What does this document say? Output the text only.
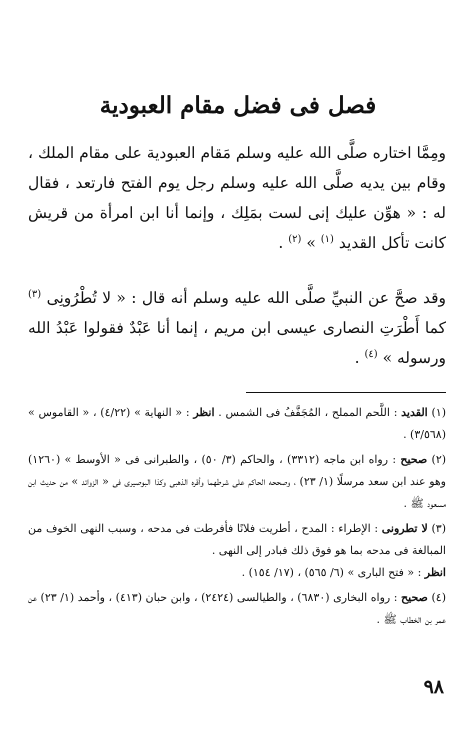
فصل فى فضل مقام العبودية

ومِمَّا اختاره صلَّى الله عليه وسلم مَقام العبودية على مقام الملك ، وقام بين يديه صلَّى الله عليه وسلم رجل يوم الفتح فارتعد ، فقال له : « هوِّن عليك إنى لست بمَلِك ، وإنما أنا ابن امرأة من قريش كانت تأكل القديد $^{(١)}$ » $^{(٢)}$ .

وقد صحَّ عن النبيِّ صلَّى الله عليه وسلم أنه قال : « لا تُطْرُونِى $^{(٣)}$ كما أَطْرَتِ النصارى عيسى ابن مريم ، إنما أنا عَبْدٌ فقولوا عَبْدُ الله ورسوله » $^{(٤)}$ .

(١) القديد : اللَّحم المملح ، المُجَفَّفُ فى الشمس . انظر : « النهاية » (٤/٢٢) ، « القاموس » (٣/٥٦٨) .

(٢) صحيح : رواه ابن ماجه (٣٣١٢) ، والحاكم (٣/ ٥٠) ، والطبرانى فى « الأوسط » (١٢٦٠) وهو عند ابن سعد مرسلًا (١/ ٢٣) ، وصححه الحاكم على شرطهما وأقره الذهبى وكذا البوصيرى فى « الزوائد » من حديث ابن مسعود ﷺ .

(٣) لا تطرونى : الإطراء : المدح ، أطريت فلانًا فأفرطت فى مدحه ، وسبب النهى الخوف من المبالغة فى مدحه بما هو فوق ذلك فبادر إلى النهى .
انظر : « فتح البارى » (٦/ ٥٦٥) ، (١٧/ ١٥٤) .

(٤) صحيح : رواه البخارى (٦٨٣٠) ، والطيالسى (٢٤٢٤) ، وابن حبان (٤١٣) ، وأحمد (١/ ٢٣) عن عمر بن الخطاب ﷺ .

٩٨
